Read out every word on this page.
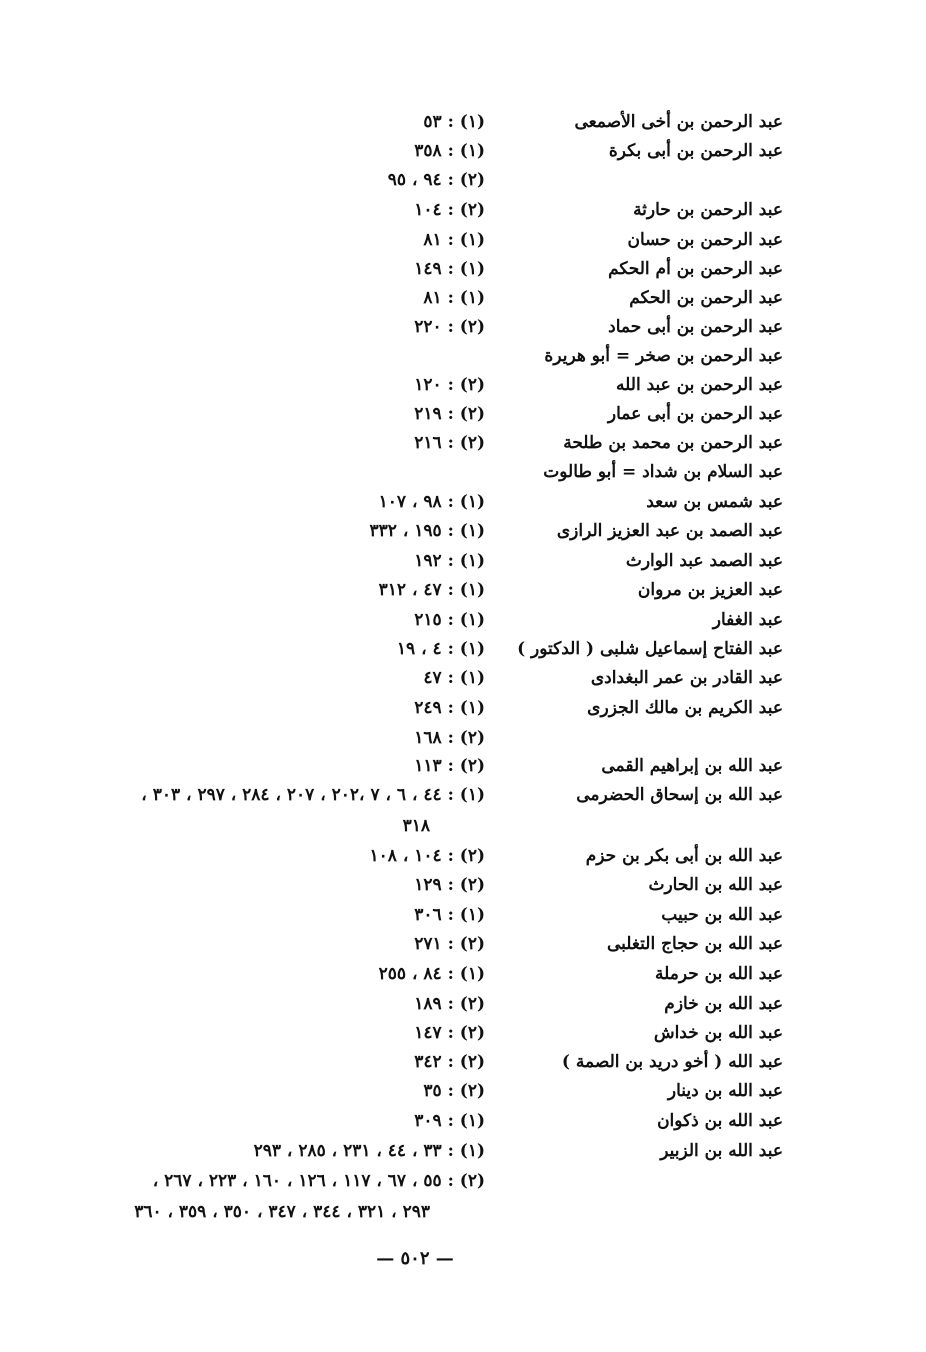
عبد الرحمن بن أخى الأصمعى
(١) : ٥٣
عبد الرحمن بن أبى بكرة
(١) : ٣٥٨
(٢) : ٩٤ ، ٩٥
عبد الرحمن بن حارثة
(٢) : ١٠٤
عبد الرحمن بن حسان
(١) : ٨١
عبد الرحمن بن أم الحكم
(١) : ١٤٩
عبد الرحمن بن الحكم
(١) : ٨١
عبد الرحمن بن أبى حماد
(٢) : ٢٢٠
عبد الرحمن بن صخر = أبو هريرة
عبد الرحمن بن عبد الله
(٢) : ١٢٠
عبد الرحمن بن أبى عمار
(٢) : ٢١٩
عبد الرحمن بن محمد بن طلحة
(٢) : ٢١٦
عبد السلام بن شداد = أبو طالوت
عبد شمس بن سعد
(١) : ٩٨ ، ١٠٧
عبد الصمد بن عبد العزيز الرازى
(١) : ١٩٥ ، ٣٣٢
عبد الصمد عبد الوارث
(١) : ١٩٢
عبد العزيز بن مروان
(١) : ٤٧ ، ٣١٢
عبد الغفار
(١) : ٢١٥
عبد الفتاح إسماعيل شلبى ( الدكتور )
(١) : ٤ ، ١٩
عبد القادر بن عمر البغدادى
(١) : ٤٧
عبد الكريم بن مالك الجزرى
(١) : ٢٤٩
(٢) : ١٦٨
عبد الله بن إبراهيم القمى
(٢) : ١١٣
عبد الله بن إسحاق الحضرمى
(١) : ٤٤ ، ٦ ، ٧ ،٢٠٢ ، ٢٠٧ ، ٢٨٤ ، ٢٩٧ ، ٣٠٣ ،
٣١٨
عبد الله بن أبى بكر بن حزم
(٢) : ١٠٤ ، ١٠٨
عبد الله بن الحارث
(٢) : ١٢٩
عبد الله بن حبيب
(١) : ٣٠٦
عبد الله بن حجاج التغلبى
(٢) : ٢٧١
عبد الله بن حرملة
(١) : ٨٤ ، ٢٥٥
عبد الله بن خازم
(٢) : ١٨٩
عبد الله بن خداش
(٢) : ١٤٧
عبد الله ( أخو دريد بن الصمة )
(٢) : ٣٤٢
عبد الله بن دينار
(٢) : ٣٥
عبد الله بن ذكوان
(١) : ٣٠٩
عبد الله بن الزبير
(١) : ٣٣ ، ٤٤ ، ٢٣١ ، ٢٨٥ ، ٢٩٣
(٢) : ٥٥ ، ٦٧ ، ١١٧ ، ١٢٦ ، ١٦٠ ، ٢٢٣ ، ٢٦٧ ،
٢٩٣ ، ٣٢١ ، ٣٤٤ ، ٣٤٧ ، ٣٥٠ ، ٣٥٩ ، ٣٦٠
— ٥٠٢ —
